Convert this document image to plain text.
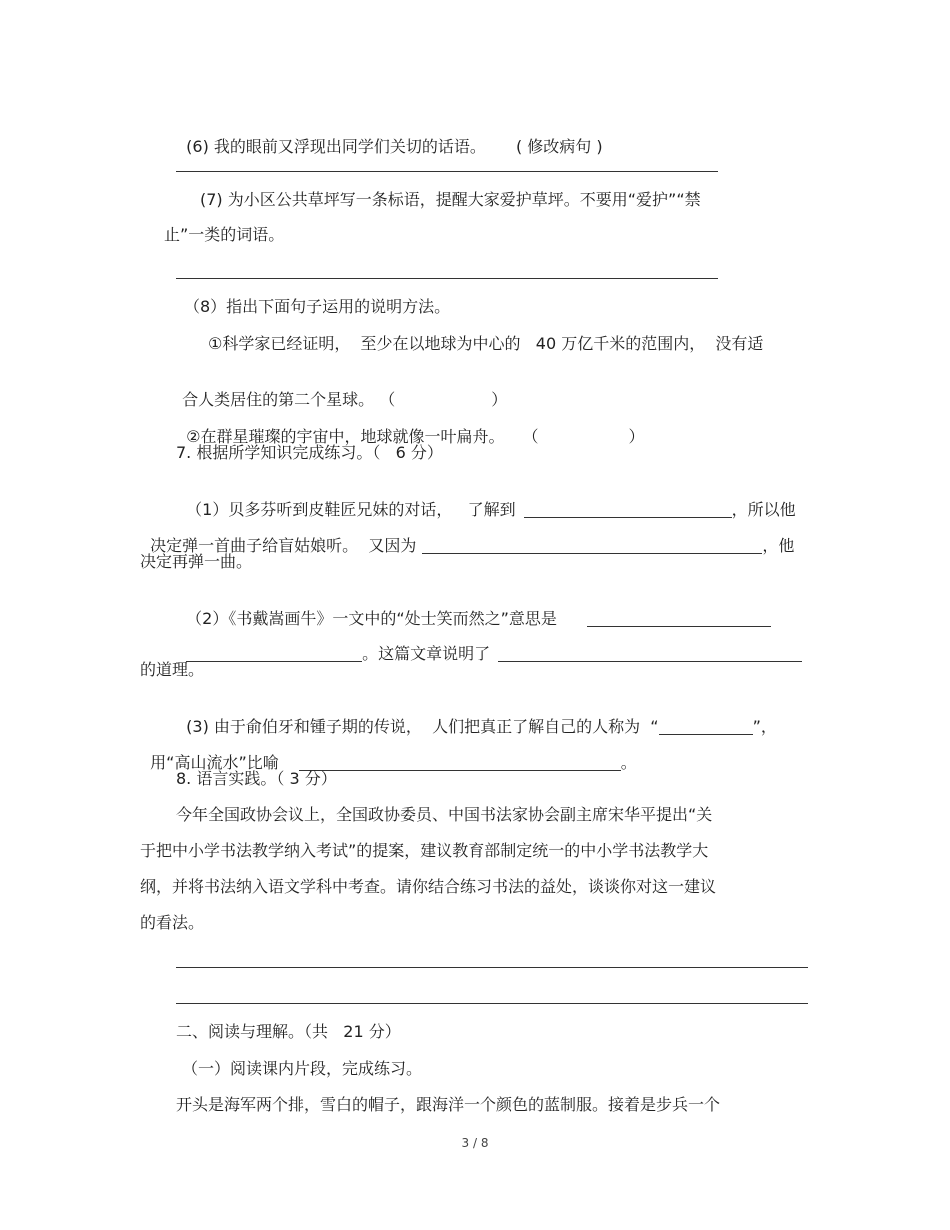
(6) 我的眼前又浮现出同学们关切的话语。 ( 修改病句 )

(7) 为小区公共草坪写一条标语，提醒大家爱护草坪。不要用“爱护”“禁
止”一类的词语。
（8）指出下面句子运用的说明方法。
①科学家已经证明，  至少在以地球为中心的   40 万亿千米的范围内，  没有适

合人类居住的第二个星球。 （	）

②在群星璀璨的宇宙中，地球就像一叶扁舟。 （	）

7. 根据所学知识完成练习。（   6 分）

（1）贝多芬听到皮鞋匠兄妹的对话，   了解到	，所以他

决定弹一首曲子给盲姑娘听。  又因为	，他

决定再弹一曲。

（2）《书戴嵩画牛》一文中的“处士笑而然之”意思是

。这篇文章说明了

的道理。

(3) 由于俞伯牙和锺子期的传说，  人们把真正了解自己的人称为  “	”，

用“高山流水”比喻	。

8. 语言实践。（ 3 分）
今年全国政协会议上，全国政协委员、中国书法家协会副主席宋华平提出“关
于把中小学书法教学纳入考试”的提案，建议教育部制定统一的中小学书法教学大
纲，并将书法纳入语文学科中考查。请你结合练习书法的益处，谈谈你对这一建议
的看法。
二、阅读与理解。（共   21 分）
（一）阅读课内片段，完成练习。
开头是海军两个排，雪白的帽子，跟海洋一个颜色的蓝制服。接着是步兵一个
3 / 8
